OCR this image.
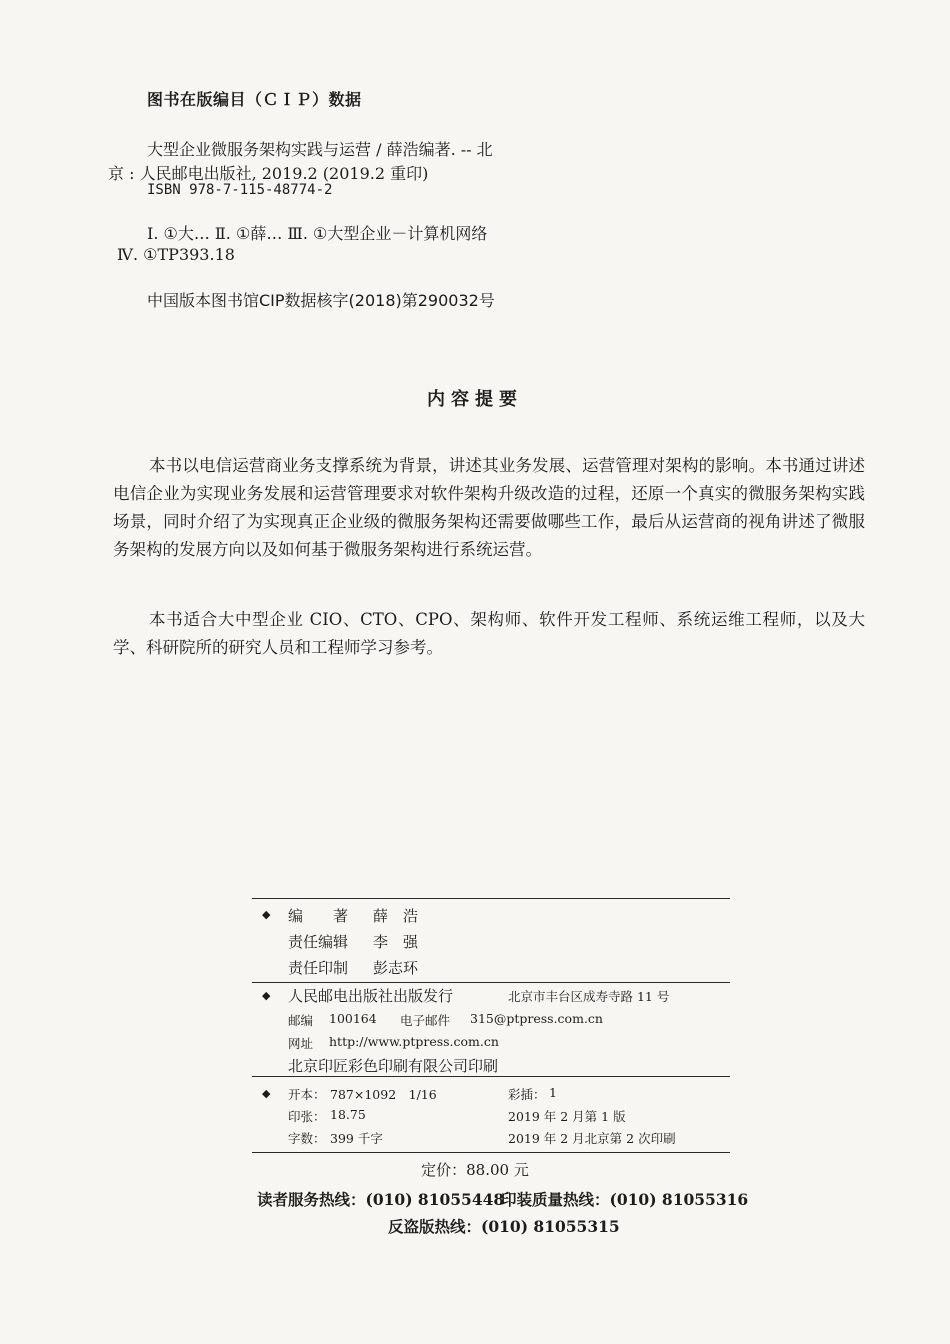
图书在版编目（ＣＩＰ）数据
大型企业微服务架构实践与运营 / 薛浩编著. -- 北
京 : 人民邮电出版社, 2019.2 (2019.2 重印)
ISBN 978-7-115-48774-2
Ⅰ. ①大… Ⅱ. ①薛… Ⅲ. ①大型企业－计算机网络
Ⅳ. ①TP393.18
中国版本图书馆CIP数据核字(2018)第290032号
内容提要

本书以电信运营商业务支撑系统为背景，讲述其业务发展、运营管理对架构的影响。本书通过讲述电信企业为实现业务发展和运营管理要求对软件架构升级改造的过程，还原一个真实的微服务架构实践场景，同时介绍了为实现真正企业级的微服务架构还需要做哪些工作，最后从运营商的视角讲述了微服务架构的发展方向以及如何基于微服务架构进行系统运营。

本书适合大中型企业 CIO、CTO、CPO、架构师、软件开发工程师、系统运维工程师，以及大学、科研院所的研究人员和工程师学习参考。

◆ 编　　著 薛　浩
责任编辑 李　强
责任印制 彭志环
◆ 人民邮电出版社出版发行	北京市丰台区成寿寺路 11 号
邮编 100164 电子邮件 315@ptpress.com.cn
网址 http://www.ptpress.com.cn
北京印匠彩色印刷有限公司印刷
◆ 开本： 787×1092　1/16	彩插： 1
印张： 18.75	2019 年 2 月第 1 版
字数： 399 千字	2019 年 2 月北京第 2 次印刷
定价：88.00 元
读者服务热线：(010) 81055448
印装质量热线：(010) 81055316
反盗版热线：(010) 81055315
